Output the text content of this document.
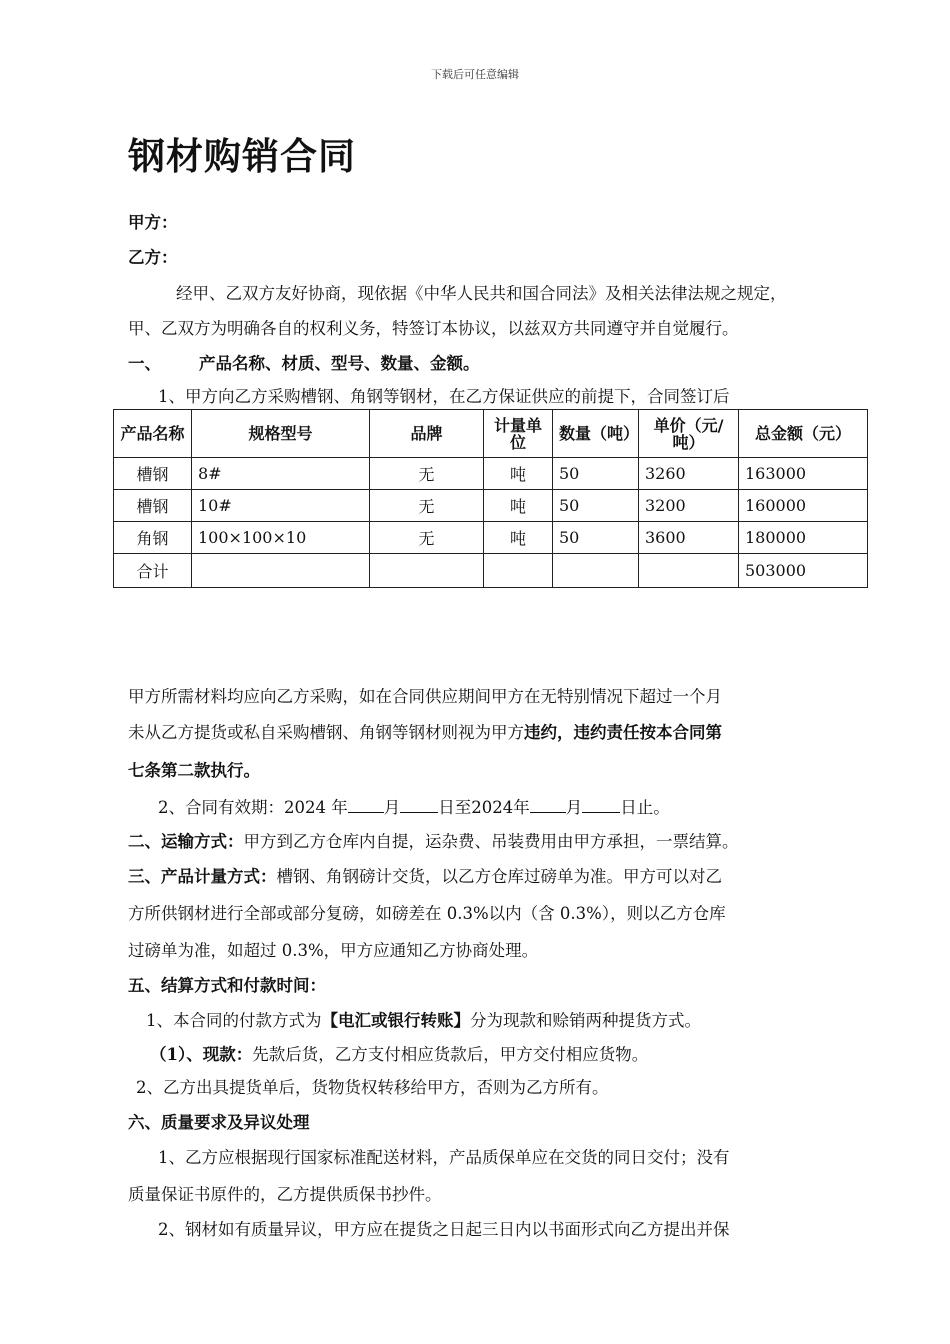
下载后可任意编辑
钢材购销合同
甲方：
乙方：
经甲、乙双方友好协商，现依据《中华人民共和国合同法》及相关法律法规之规定，
甲、乙双方为明确各自的权利义务，特签订本协议，以兹双方共同遵守并自觉履行。
一、 产品名称、材质、型号、数量、金额。
1、甲方向乙方采购槽钢、角钢等钢材，在乙方保证供应的前提下，合同签订后
产品名称	规格型号	品牌	计量单位	数量（吨）	单价（元/吨）	总金额（元）
槽钢	8#	无	吨	50	3260	163000
槽钢	10#	无	吨	50	3200	160000
角钢	100×100×10	无	吨	50	3600	180000
合计						503000
甲方所需材料均应向乙方采购，如在合同供应期间甲方在无特别情况下超过一个月
未从乙方提货或私自采购槽钢、角钢等钢材则视为甲方违约，违约责任按本合同第
七条第二款执行。
2、合同有效期：2024 年 月 日至2024年 月 日止。
二、运输方式：甲方到乙方仓库内自提，运杂费、吊装费用由甲方承担，一票结算。
三、产品计量方式：槽钢、角钢磅计交货，以乙方仓库过磅单为准。甲方可以对乙
方所供钢材进行全部或部分复磅，如磅差在 0.3%以内（含 0.3%），则以乙方仓库
过磅单为准，如超过 0.3%，甲方应通知乙方协商处理。
五、结算方式和付款时间：
1、本合同的付款方式为【电汇或银行转账】分为现款和赊销两种提货方式。
（1）、现款：先款后货，乙方支付相应货款后，甲方交付相应货物。
2、乙方出具提货单后，货物货权转移给甲方，否则为乙方所有。
六、质量要求及异议处理
1、乙方应根据现行国家标准配送材料，产品质保单应在交货的同日交付；没有
质量保证书原件的，乙方提供质保书抄件。
2、钢材如有质量异议，甲方应在提货之日起三日内以书面形式向乙方提出并保
